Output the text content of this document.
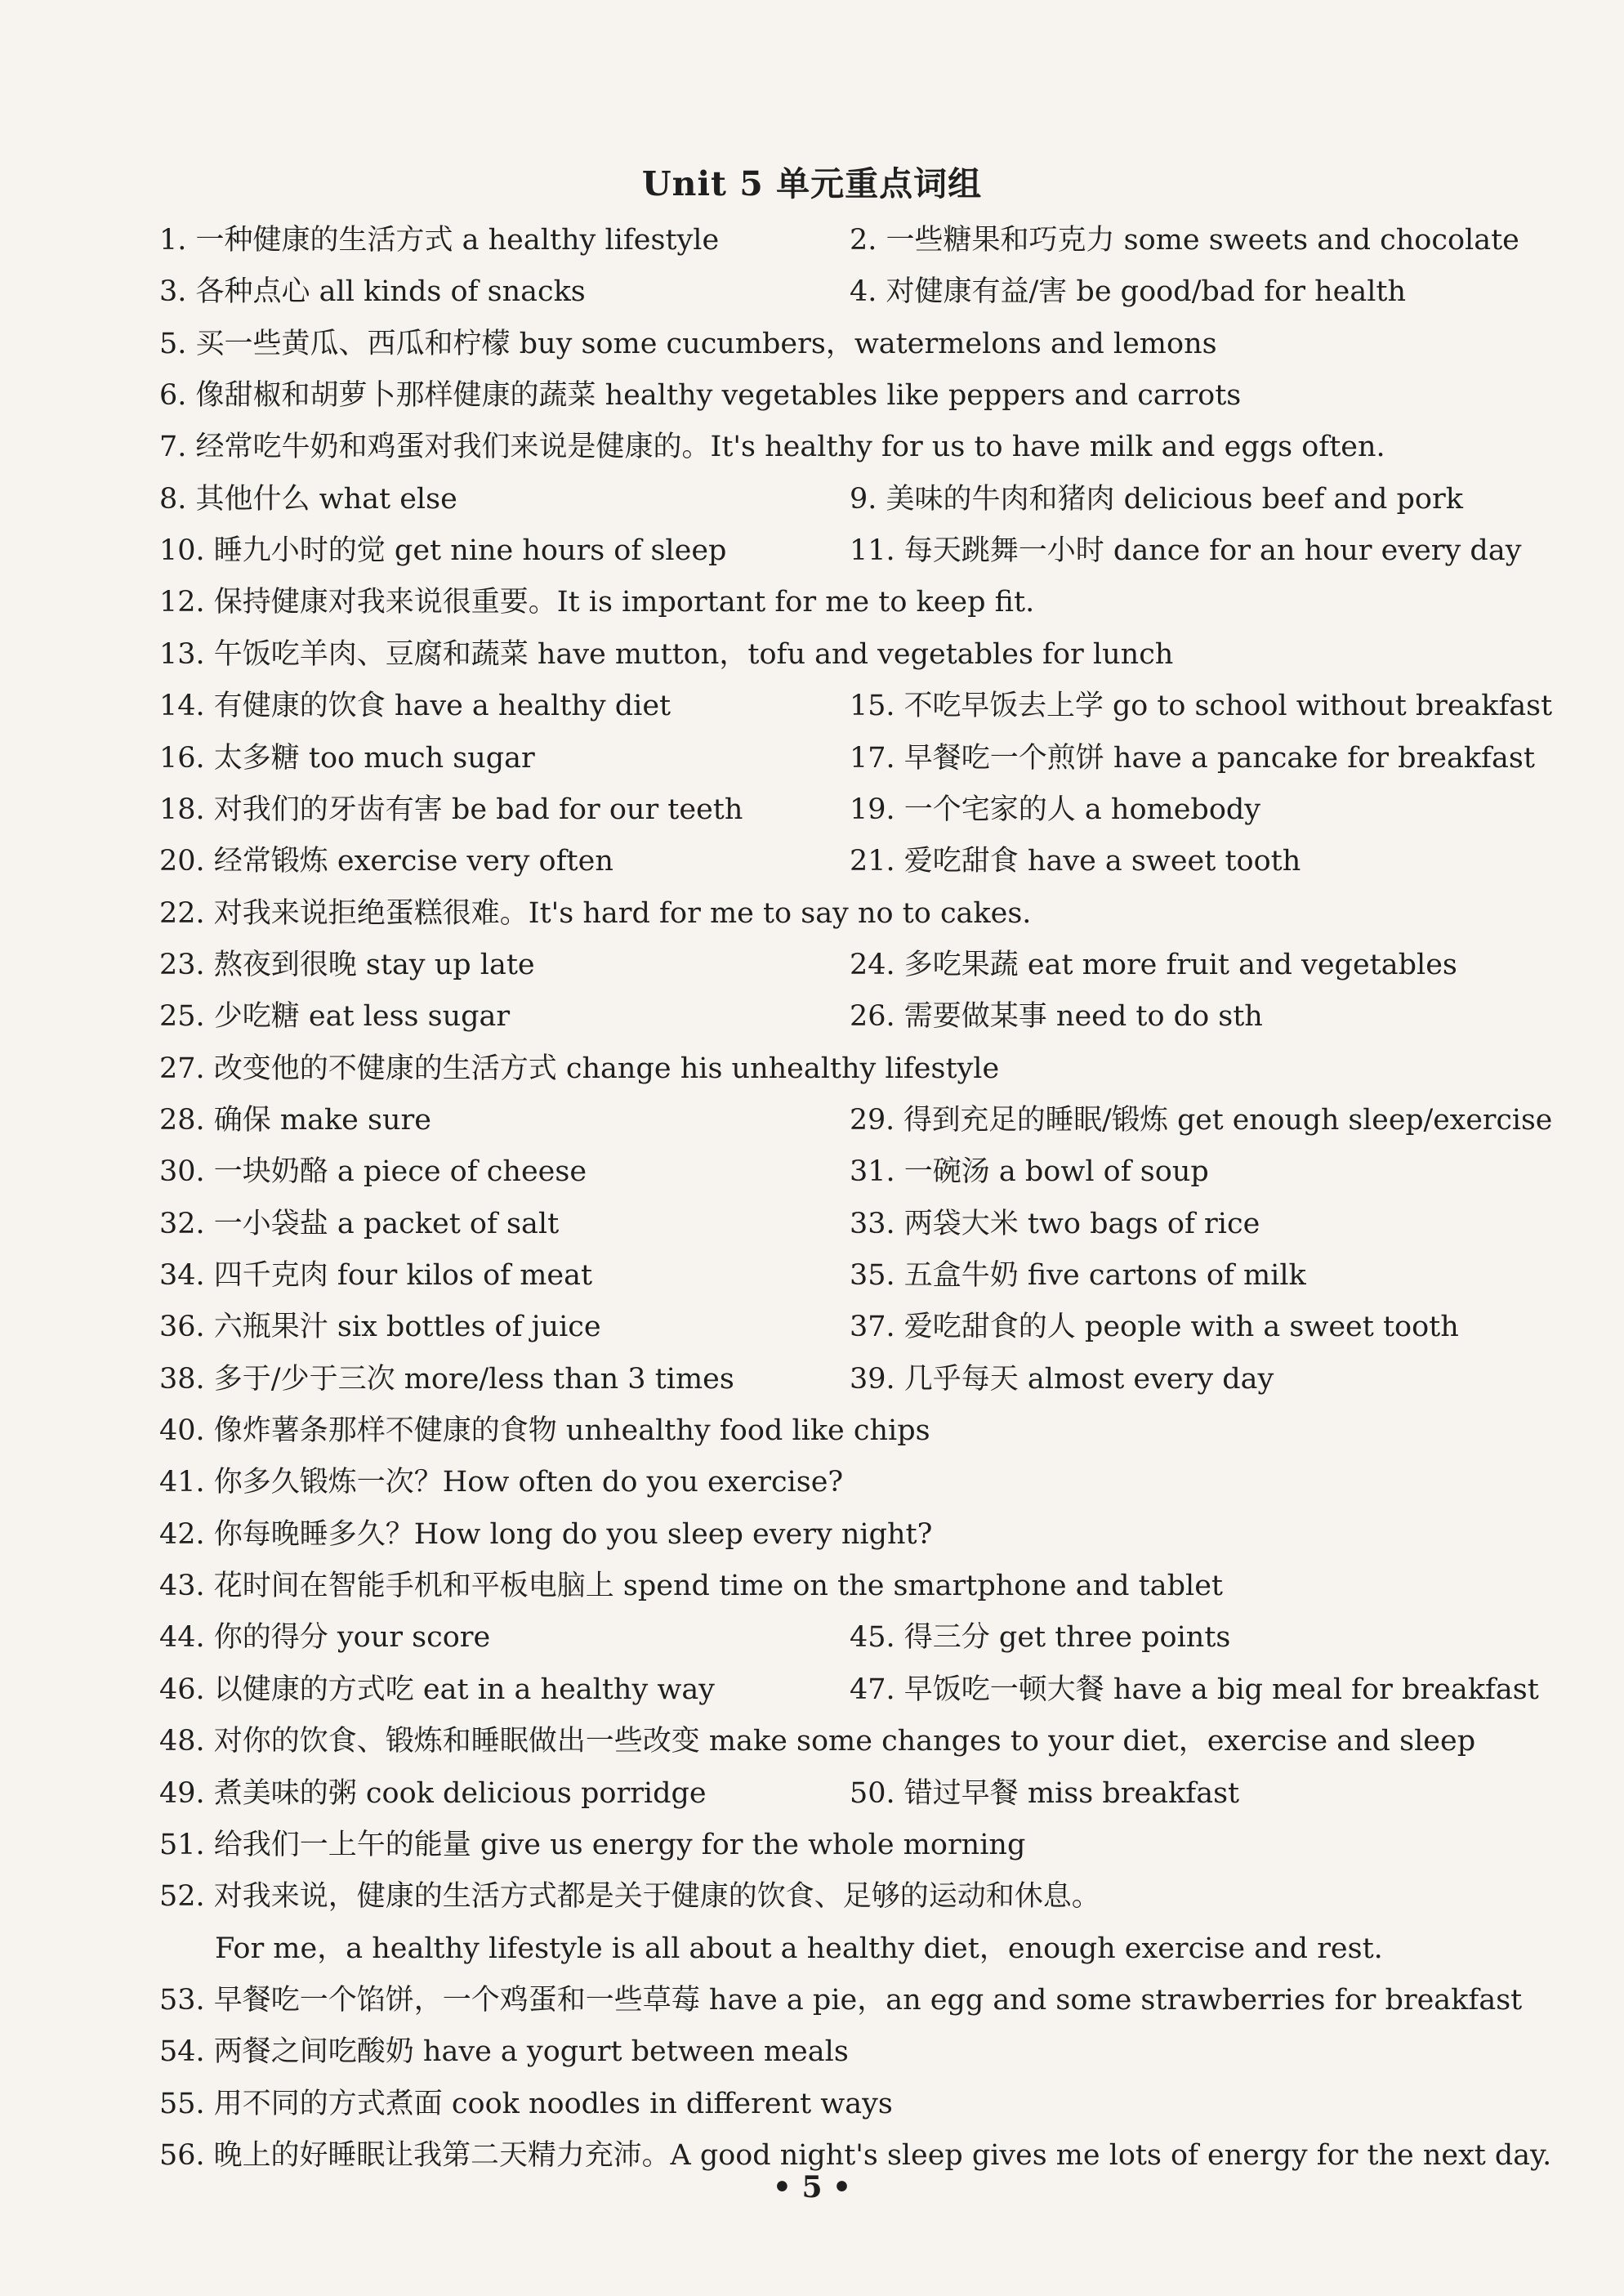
Unit 5 单元重点词组
1. 一种健康的生活方式 a healthy lifestyle	2. 一些糖果和巧克力 some sweets and chocolate
3. 各种点心 all kinds of snacks	4. 对健康有益/害 be good/bad for health
5. 买一些黄瓜、西瓜和柠檬 buy some cucumbers，watermelons and lemons
6. 像甜椒和胡萝卜那样健康的蔬菜 healthy vegetables like peppers and carrots
7. 经常吃牛奶和鸡蛋对我们来说是健康的。It's healthy for us to have milk and eggs often.
8. 其他什么 what else	9. 美味的牛肉和猪肉 delicious beef and pork
10. 睡九小时的觉 get nine hours of sleep	11. 每天跳舞一小时 dance for an hour every day
12. 保持健康对我来说很重要。It is important for me to keep fit.
13. 午饭吃羊肉、豆腐和蔬菜 have mutton，tofu and vegetables for lunch
14. 有健康的饮食 have a healthy diet	15. 不吃早饭去上学 go to school without breakfast
16. 太多糖 too much sugar	17. 早餐吃一个煎饼 have a pancake for breakfast
18. 对我们的牙齿有害 be bad for our teeth	19. 一个宅家的人 a homebody
20. 经常锻炼 exercise very often	21. 爱吃甜食 have a sweet tooth
22. 对我来说拒绝蛋糕很难。It's hard for me to say no to cakes.
23. 熬夜到很晚 stay up late	24. 多吃果蔬 eat more fruit and vegetables
25. 少吃糖 eat less sugar	26. 需要做某事 need to do sth
27. 改变他的不健康的生活方式 change his unhealthy lifestyle
28. 确保 make sure	29. 得到充足的睡眠/锻炼 get enough sleep/exercise
30. 一块奶酪 a piece of cheese	31. 一碗汤 a bowl of soup
32. 一小袋盐 a packet of salt	33. 两袋大米 two bags of rice
34. 四千克肉 four kilos of meat	35. 五盒牛奶 five cartons of milk
36. 六瓶果汁 six bottles of juice	37. 爱吃甜食的人 people with a sweet tooth
38. 多于/少于三次 more/less than 3 times	39. 几乎每天 almost every day
40. 像炸薯条那样不健康的食物 unhealthy food like chips
41. 你多久锻炼一次？How often do you exercise?
42. 你每晚睡多久？How long do you sleep every night?
43. 花时间在智能手机和平板电脑上 spend time on the smartphone and tablet
44. 你的得分 your score	45. 得三分 get three points
46. 以健康的方式吃 eat in a healthy way	47. 早饭吃一顿大餐 have a big meal for breakfast
48. 对你的饮食、锻炼和睡眠做出一些改变 make some changes to your diet，exercise and sleep
49. 煮美味的粥 cook delicious porridge	50. 错过早餐 miss breakfast
51. 给我们一上午的能量 give us energy for the whole morning
52. 对我来说，健康的生活方式都是关于健康的饮食、足够的运动和休息。
For me，a healthy lifestyle is all about a healthy diet，enough exercise and rest.
53. 早餐吃一个馅饼，一个鸡蛋和一些草莓 have a pie，an egg and some strawberries for breakfast
54. 两餐之间吃酸奶 have a yogurt between meals
55. 用不同的方式煮面 cook noodles in different ways
56. 晚上的好睡眠让我第二天精力充沛。A good night's sleep gives me lots of energy for the next day.
• 5 •
